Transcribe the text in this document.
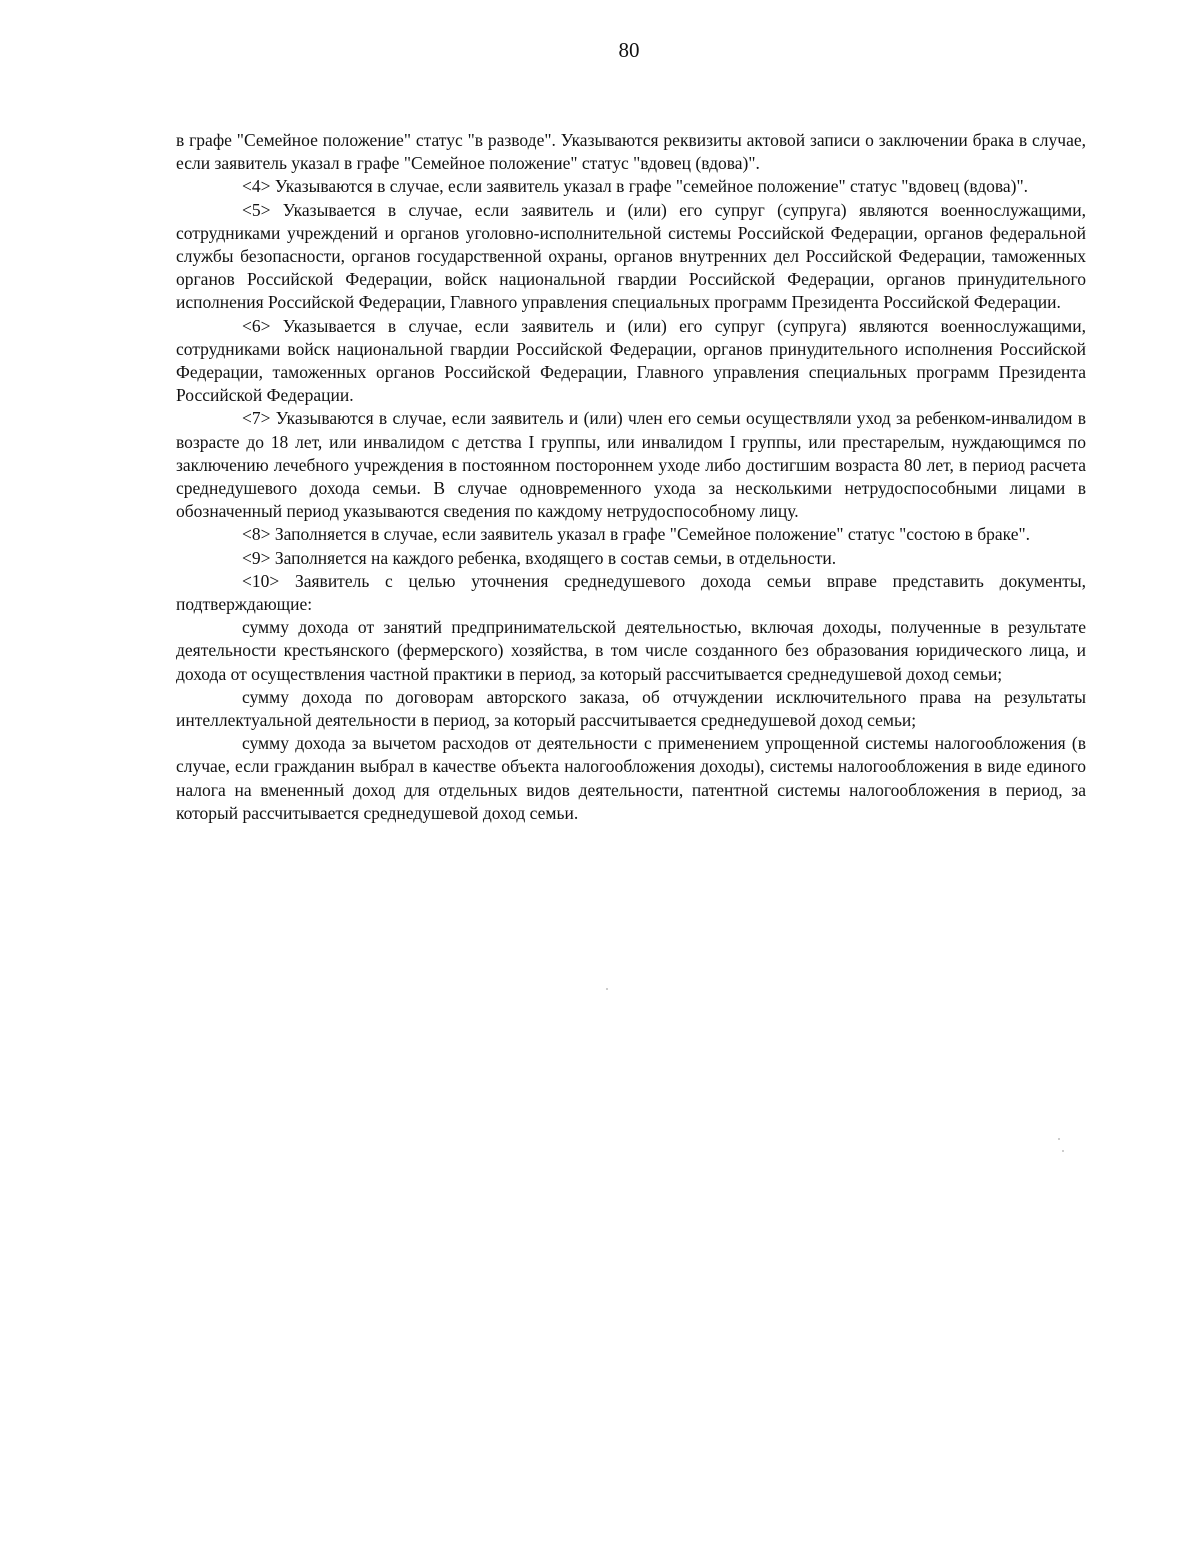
80

в графе "Семейное положение" статус "в разводе". Указываются реквизиты актовой записи о заключении брака в случае, если заявитель указал в графе "Семейное положение" статус "вдовец (вдова)".

<4> Указываются в случае, если заявитель указал в графе "семейное положение" статус "вдовец (вдова)".

<5> Указывается в случае, если заявитель и (или) его супруг (супруга) являются военнослужащими, сотрудниками учреждений и органов уголовно-исполнительной системы Российской Федерации, органов федеральной службы безопасности, органов государственной охраны, органов внутренних дел Российской Федерации, таможенных органов Российской Федерации, войск национальной гвардии Российской Федерации, органов принудительного исполнения Российской Федерации, Главного управления специальных программ Президента Российской Федерации.

<6> Указывается в случае, если заявитель и (или) его супруг (супруга) являются военнослужащими, сотрудниками войск национальной гвардии Российской Федерации, органов принудительного исполнения Российской Федерации, таможенных органов Российской Федерации, Главного управления специальных программ Президента Российской Федерации.

<7> Указываются в случае, если заявитель и (или) член его семьи осуществляли уход за ребенком-инвалидом в возрасте до 18 лет, или инвалидом с детства I группы, или инвалидом I группы, или престарелым, нуждающимся по заключению лечебного учреждения в постоянном постороннем уходе либо достигшим возраста 80 лет, в период расчета среднедушевого дохода семьи. В случае одновременного ухода за несколькими нетрудоспособными лицами в обозначенный период указываются сведения по каждому нетрудоспособному лицу.

<8> Заполняется в случае, если заявитель указал в графе "Семейное положение" статус "состою в браке".

<9> Заполняется на каждого ребенка, входящего в состав семьи, в отдельности.

<10> Заявитель с целью уточнения среднедушевого дохода семьи вправе представить документы, подтверждающие:

сумму дохода от занятий предпринимательской деятельностью, включая доходы, полученные в результате деятельности крестьянского (фермерского) хозяйства, в том числе созданного без образования юридического лица, и дохода от осуществления частной практики в период, за который рассчитывается среднедушевой доход семьи;

сумму дохода по договорам авторского заказа, об отчуждении исключительного права на результаты интеллектуальной деятельности в период, за который рассчитывается среднедушевой доход семьи;

сумму дохода за вычетом расходов от деятельности с применением упрощенной системы налогообложения (в случае, если гражданин выбрал в качестве объекта налогообложения доходы), системы налогообложения в виде единого налога на вмененный доход для отдельных видов деятельности, патентной системы налогообложения в период, за который рассчитывается среднедушевой доход семьи.
